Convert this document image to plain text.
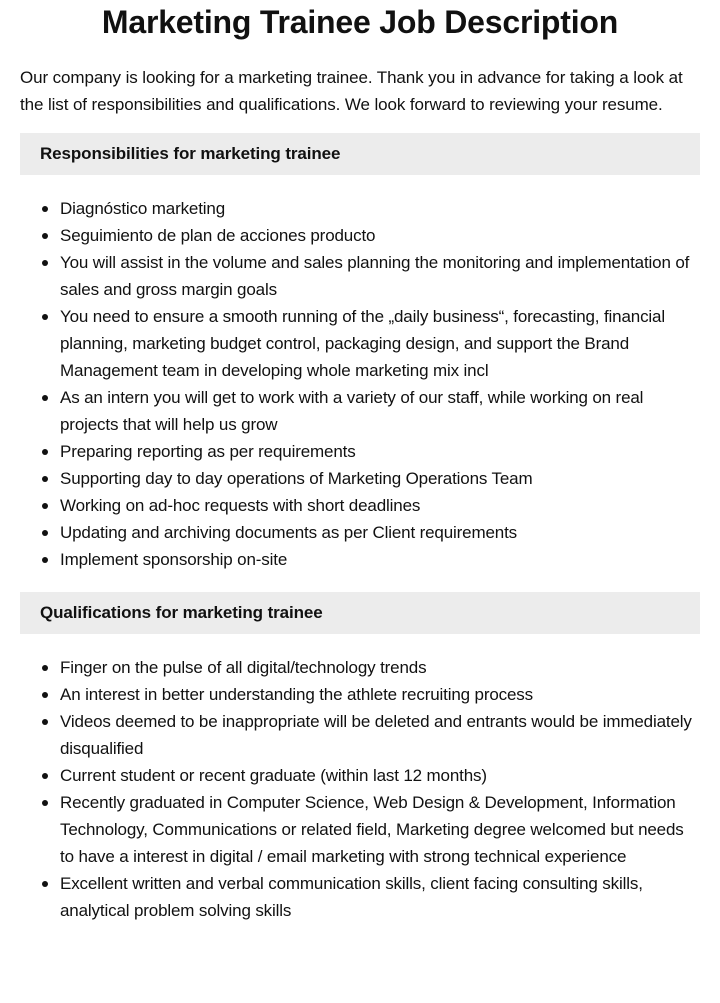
Marketing Trainee Job Description

Our company is looking for a marketing trainee. Thank you in advance for taking a look at the list of responsibilities and qualifications. We look forward to reviewing your resume.

Responsibilities for marketing trainee
Diagnóstico marketing
Seguimiento de plan de acciones producto
You will assist in the volume and sales planning the monitoring and implementation of sales and gross margin goals
You need to ensure a smooth running of the „daily business“, forecasting, financial planning, marketing budget control, packaging design, and support the Brand Management team in developing whole marketing mix incl
As an intern you will get to work with a variety of our staff, while working on real projects that will help us grow
Preparing reporting as per requirements
Supporting day to day operations of Marketing Operations Team
Working on ad-hoc requests with short deadlines
Updating and archiving documents as per Client requirements
Implement sponsorship on-site
Qualifications for marketing trainee
Finger on the pulse of all digital/technology trends
An interest in better understanding the athlete recruiting process
Videos deemed to be inappropriate will be deleted and entrants would be immediately disqualified
Current student or recent graduate (within last 12 months)
Recently graduated in Computer Science, Web Design & Development, Information Technology, Communications or related field, Marketing degree welcomed but needs to have a interest in digital / email marketing with strong technical experience
Excellent written and verbal communication skills, client facing consulting skills, analytical problem solving skills
